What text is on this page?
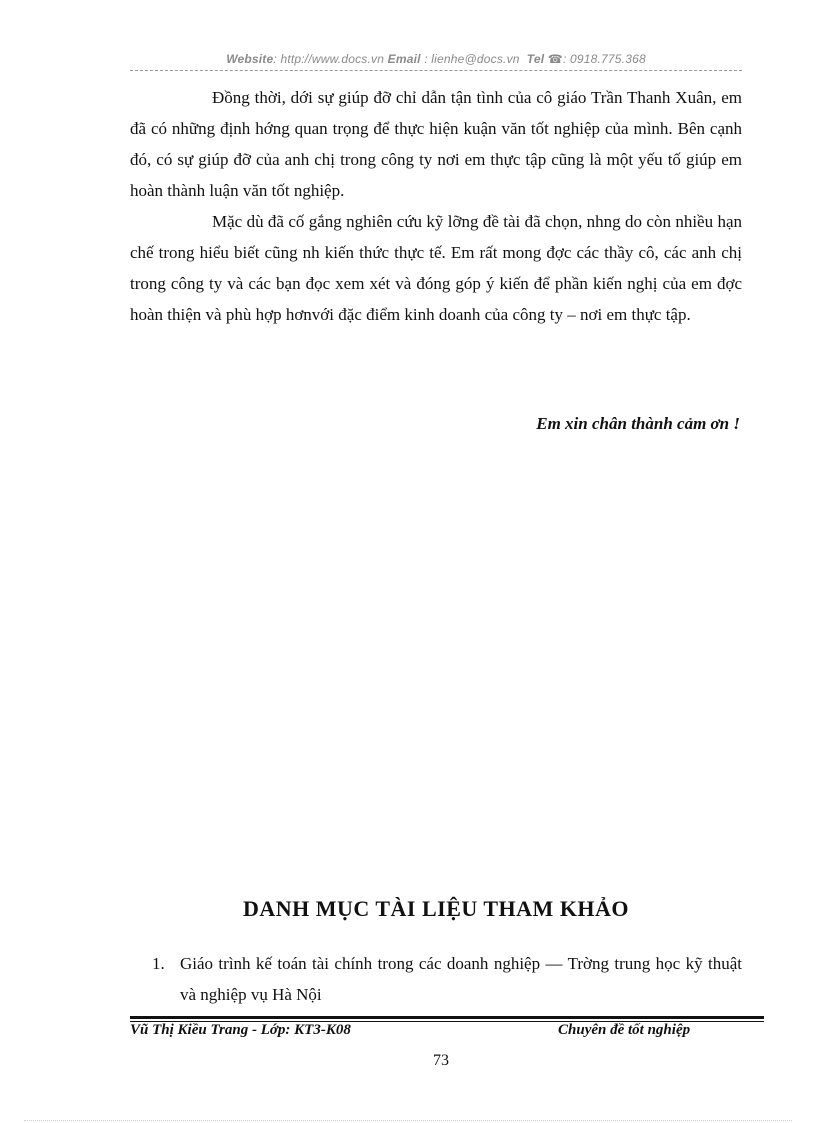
Website: http://www.docs.vn Email : lienhe@docs.vn Tel ☎: 0918.775.368

Đồng thời, dới sự giúp đỡ chỉ dẫn tận tình của cô giáo Trần Thanh Xuân, em đã có những định hớng quan trọng để thực hiện kuận văn tốt nghiệp của mình. Bên cạnh đó, có sự giúp đỡ của anh chị trong công ty nơi em thực tập cũng là một yếu tố giúp em hoàn thành luận văn tốt nghiệp.

Mặc dù đã cố gắng nghiên cứu kỹ lỡng đề tài đã chọn, nhng do còn nhiều hạn chế trong hiểu biết cũng nh kiến thức thực tế. Em rất mong đợc các thầy cô, các anh chị trong công ty và các bạn đọc xem xét và đóng góp ý kiến để phần kiến nghị của em đợc hoàn thiện và phù hợp hơnvới đặc điểm kinh doanh của công ty – nơi em thực tập.

Em xin chân thành cảm ơn !
DANH MỤC TÀI LIỆU THAM KHẢO
1. Giáo trình kế toán tài chính trong các doanh nghiệp — Trờng trung học kỹ thuật và nghiệp vụ Hà Nội
Vũ Thị Kiều Trang - Lớp: KT3-K08	Chuyên đề tốt nghiệp
73
